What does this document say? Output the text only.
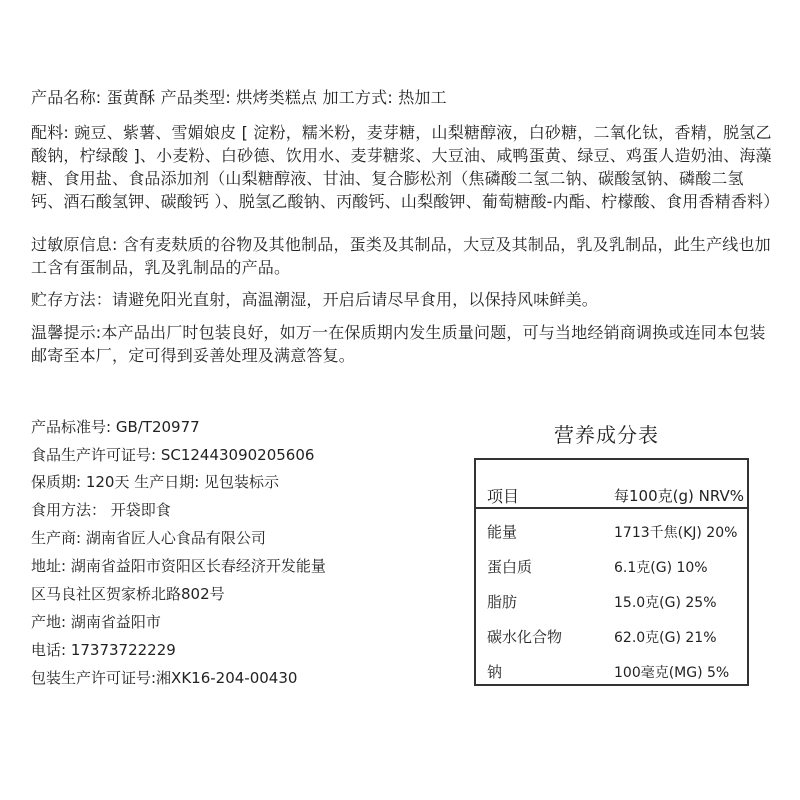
产品名称: 蛋黄酥 产品类型: 烘烤类糕点 加工方式: 热加工
配料: 豌豆、紫薯、雪媚娘皮 [ 淀粉，糯米粉，麦芽糖，山梨糖醇液，白砂糖，二氧化钛，香精，脱氢乙酸钠，柠绿酸 ]、小麦粉、白砂德、饮用水、麦芽糖浆、大豆油、咸鸭蛋黄、绿豆、鸡蛋人造奶油、海藻糖、食用盐、食品添加剂（山梨糖醇液、甘油、复合膨松剂（焦磷酸二氢二钠、碳酸氢钠、磷酸二氢钙、酒石酸氢钾、碳酸钙 ）、脱氢乙酸钠、丙酸钙、山梨酸钾、葡萄糖酸-内酯、柠檬酸、食用香精香料）
过敏原信息: 含有麦麸质的谷物及其他制品，蛋类及其制品，大豆及其制品，乳及乳制品，此生产线也加工含有蛋制品，乳及乳制品的产品。
贮存方法：请避免阳光直射，高温潮湿，开启后请尽早食用，以保持风味鲜美。
温馨提示:本产品出厂时包装良好，如万一在保质期内发生质量问题，可与当地经销商调换或连同本包装邮寄至本厂，定可得到妥善处理及满意答复。
产品标准号: GB/T20977
食品生产许可证号: SC12443090205606
保质期: 120天 生产日期: 见包装标示
食用方法： 开袋即食
生产商: 湖南省匠人心食品有限公司
地址: 湖南省益阳市资阳区长春经济开发能量
区马良社区贺家桥北路802号
产地: 湖南省益阳市
电话: 17373722229
包装生产许可证号:湘XK16-204-00430
营养成分表
项目	每100克(g) NRV%
能量	1713千焦(KJ) 20%
蛋白质	6.1克(G) 10%
脂肪	15.0克(G) 25%
碳水化合物	62.0克(G) 21%
钠	100毫克(MG) 5%
